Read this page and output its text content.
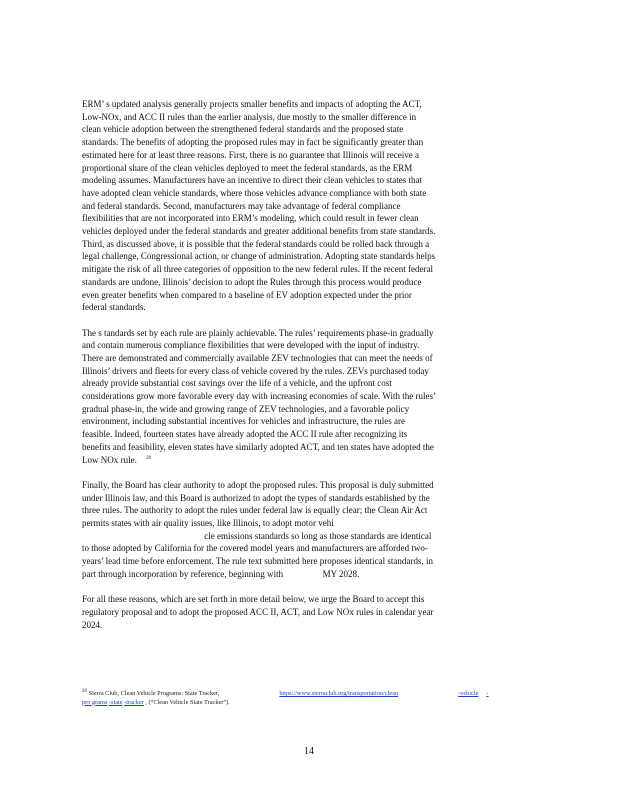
ERM’ s updated analysis generally projects smaller benefits and impacts of adopting the ACT, Low-NOx, and ACC II rules than the earlier analysis, due mostly to the smaller difference in clean vehicle adoption between the strengthened federal standards and the proposed state standards. The benefits of adopting the proposed rules may in fact be significantly greater than estimated here for at least three reasons. First, there is no guarantee that Illinois will receive a proportional share of the clean vehicles deployed to meet the federal standards, as the ERM modeling assumes. Manufacturers have an incentive to direct their clean vehicles to states that have adopted clean vehicle standards, where those vehicles advance compliance with both state and federal standards. Second, manufacturers may take advantage of federal compliance flexibilities that are not incorporated into ERM’s modeling, which could result in fewer clean vehicles deployed under the federal standards and greater additional benefits from state standards. Third, as discussed above, it is possible that the federal standards could be rolled back through a legal challenge, Congressional action, or change of administration. Adopting state standards helps mitigate the risk of all three categories of opposition to the new federal rules. If the recent federal standards are undone, Illinois’ decision to adopt the Rules through this process would produce even greater benefits when compared to a baseline of EV adoption expected under the prior federal standards.

The s tandards set by each rule are plainly achievable. The rules’ requirements phase-in gradually and contain numerous compliance flexibilities that were developed with the input of industry. There are demonstrated and commercially available ZEV technologies that can meet the needs of Illinois’ drivers and fleets for every class of vehicle covered by the rules. ZEVs purchased today already provide substantial cost savings over the life of a vehicle, and the upfront cost considerations grow more favorable every day with increasing economies of scale. With the rules’ gradual phase-in, the wide and growing range of ZEV technologies, and a favorable policy environment, including substantial incentives for vehicles and infrastructure, the rules are feasible. Indeed, fourteen states have already adopted the ACC II rule after recognizing its benefits and feasibility, eleven states have similarly adopted ACT, and ten states have adopted the Low NOx rule. $^{20}$

Finally, the Board has clear authority to adopt the proposed rules. This proposal is duly submitted under Illinois law, and this Board is authorized to adopt the types of standards established by the three rules. The authority to adopt the rules under federal law is equally clear; the Clean Air Act permits states with air quality issues, like Illinois, to adopt motor vehicle emissions standards so long as those standards are identical to those adopted by California for the covered model years and manufacturers are afforded two-years’ lead time before enforcement. The rule text submitted here proposes identical standards, in part through incorporation by reference, beginning with	MY 2028.

For all these reasons, which are set forth in more detail below, we urge the Board to accept this regulatory proposal and to adopt the proposed ACC II, ACT, and Low NOx rules in calendar year 2024.

$^{20}$ Sierra Club, Clean Vehicle Programs: State Tracker,	https://www.sierraclub.org/transportation/clean	-vehicle -
pro grams -state -tracker , (“Clean Vehicle State Tracker”).
14
